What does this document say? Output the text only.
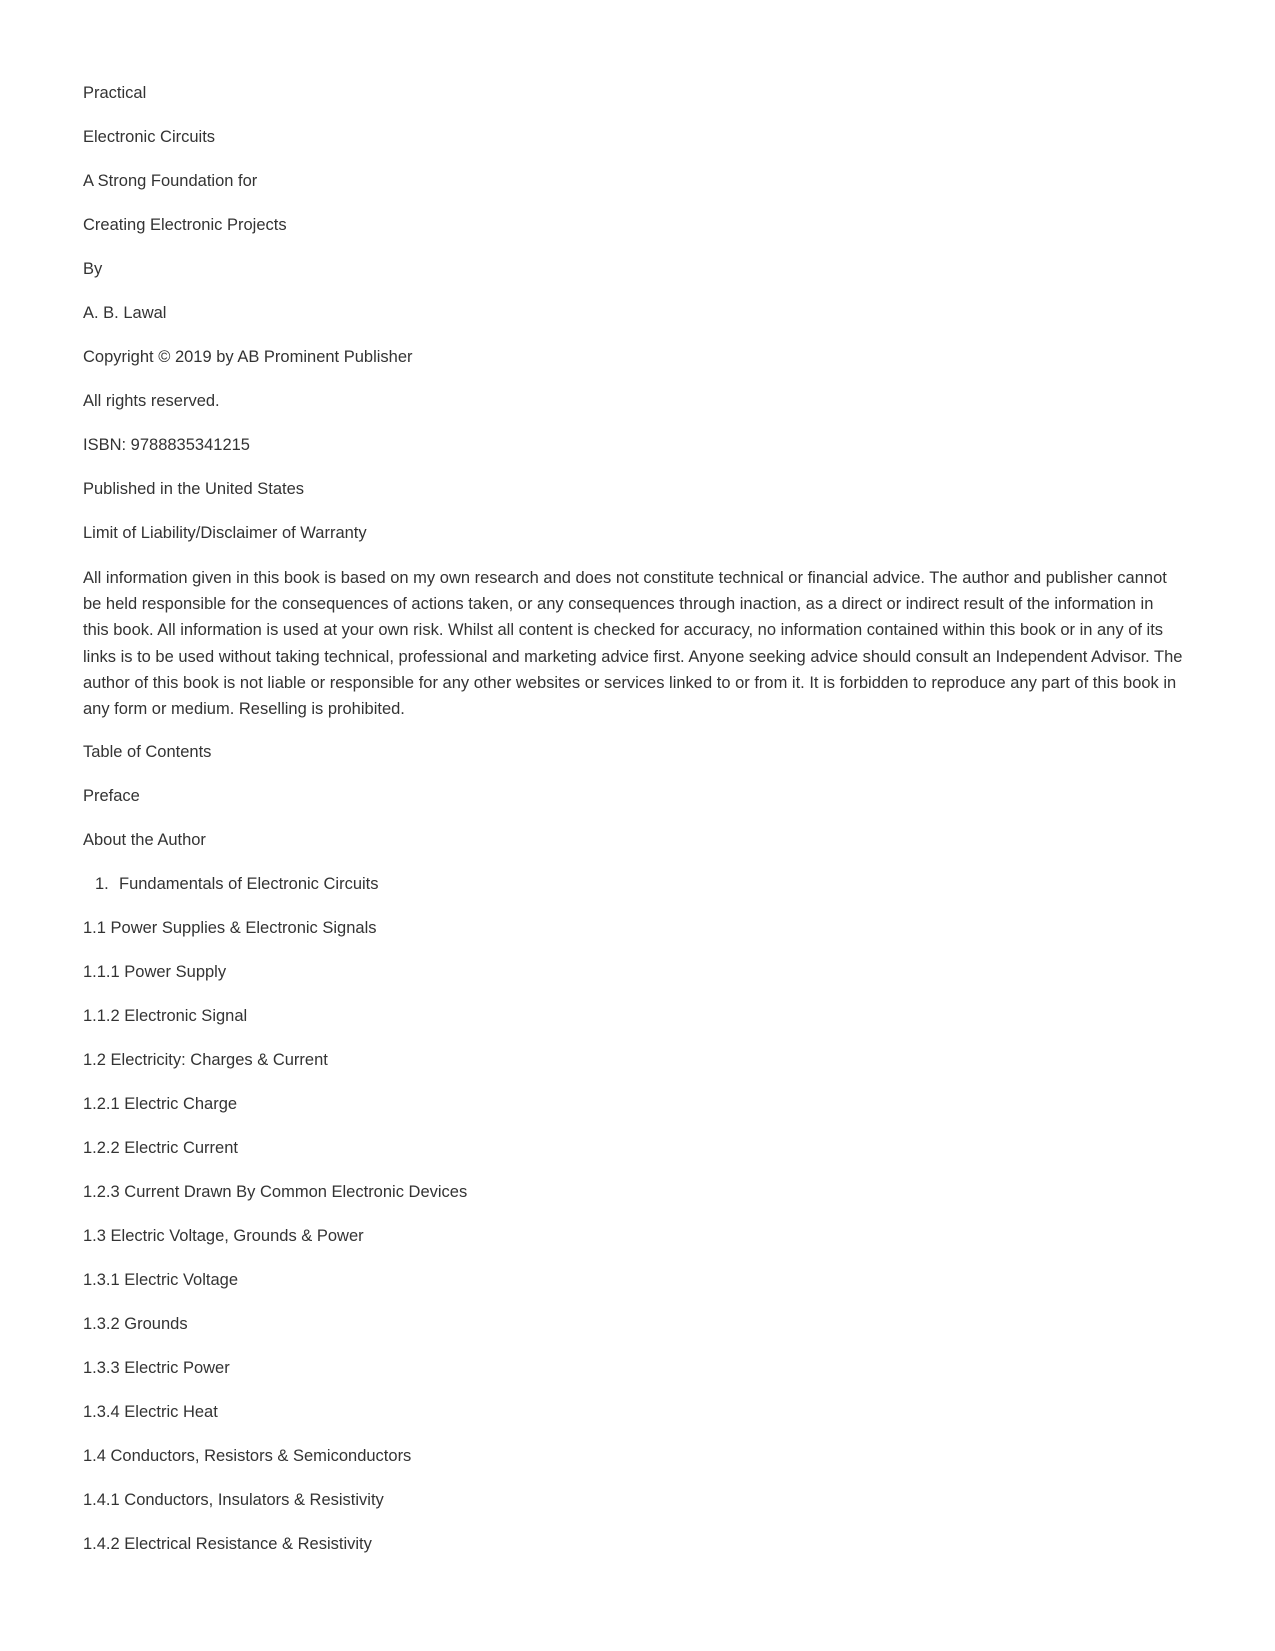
Practical
Electronic Circuits
A Strong Foundation for
Creating Electronic Projects
By
A. B. Lawal
Copyright © 2019 by AB Prominent Publisher
All rights reserved.
ISBN: 9788835341215
Published in the United States
Limit of Liability/Disclaimer of Warranty
All information given in this book is based on my own research and does not constitute technical or financial advice. The author and publisher cannot be held responsible for the consequences of actions taken, or any consequences through inaction, as a direct or indirect result of the information in this book. All information is used at your own risk. Whilst all content is checked for accuracy, no information contained within this book or in any of its links is to be used without taking technical, professional and marketing advice first. Anyone seeking advice should consult an Independent Advisor. The author of this book is not liable or responsible for any other websites or services linked to or from it. It is forbidden to reproduce any part of this book in any form or medium. Reselling is prohibited.
Table of Contents
Preface
About the Author
1. Fundamentals of Electronic Circuits
1.1 Power Supplies & Electronic Signals
1.1.1 Power Supply
1.1.2 Electronic Signal
1.2 Electricity: Charges & Current
1.2.1 Electric Charge
1.2.2 Electric Current
1.2.3 Current Drawn By Common Electronic Devices
1.3 Electric Voltage, Grounds & Power
1.3.1 Electric Voltage
1.3.2 Grounds
1.3.3 Electric Power
1.3.4 Electric Heat
1.4 Conductors, Resistors & Semiconductors
1.4.1 Conductors, Insulators & Resistivity
1.4.2 Electrical Resistance & Resistivity
